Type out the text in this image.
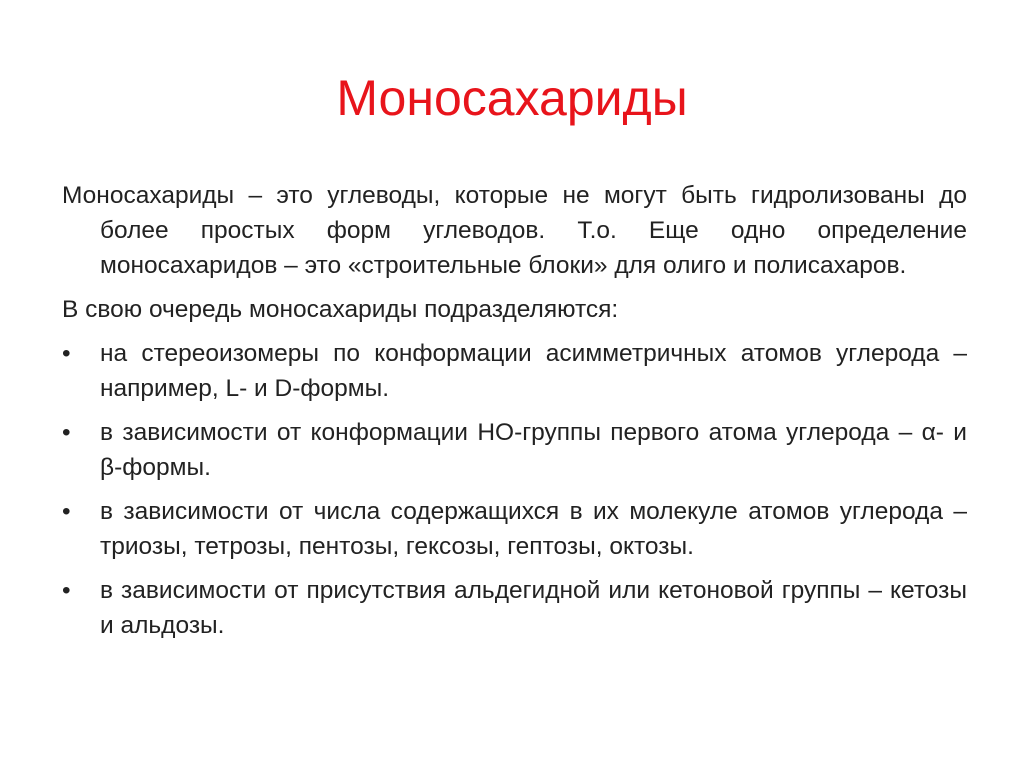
Моносахариды
Моносахариды – это углеводы, которые не могут быть гидролизованы до более простых форм углеводов. Т.о. Еще одно определение моносахаридов – это «строительные блоки» для олиго и полисахаров.
В свою очередь моносахариды подразделяются:
•	на стереоизомеры по конформации асимметричных атомов углерода – например, L- и D-формы.
•	в зависимости от конформации НО-группы первого атома углерода – α- и β-формы.
•	в зависимости от числа содержащихся в их молекуле атомов углерода – триозы, тетрозы, пентозы, гексозы, гептозы, октозы.
•	в зависимости от присутствия альдегидной или кетоновой группы – кетозы и альдозы.
